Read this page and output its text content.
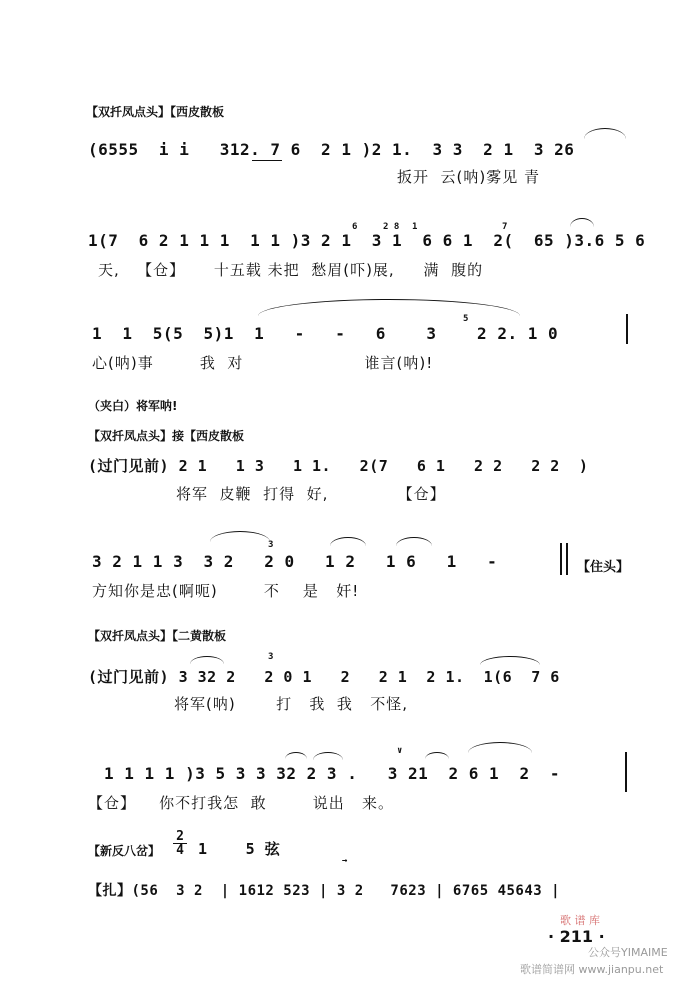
【双扦凤点头】【西皮散板
(6555  i i   312. 7 6  2 1 )2 1.  3 3  2 1  3 26
扳开  云(呐)雾见 青
6	2 8 1	7
1(7  6 2 1 1 1  1 1 )3 2 1  3 1  6 6 1  2(  65 )3.6 5 6
天,   【仓】     十五载 未把  愁眉(吓)展,     满  腹的
5
1  1  5(5  5)1  1   -   -   6    3    2 2. 1 0
心(呐)事        我  对                     谁言(呐)!
（夹白）将军呐!
【双扦凤点头】接【西皮散板
(过门见前) 2 1   1 3   1 1.   2(7   6 1   2 2   2 2  )
将军  皮鞭  打得  好,            【仓】
3
3 2 1 1 3  3 2   2 0   1 2   1 6   1   -	【住头】
方知你是忠(啊呃)        不    是   奸!
【双扦凤点头】【二黄散板
3
(过门见前) 3 32 2   2 0 1   2   2 1  2 1.  1(6  7 6
将军(呐)       打   我  我   不怪,
∨
1 1 1 1 )3 5 3 3 32 2 3 .   3 21  2 6 1  2  -
【仓】    你不打我怎  敢        说出   来。
【新反八岔】
2
4 1    5 弦
【扎】(56  3 2  | 1612 523 | 3 2   7623 | 6765 45643 |
→
歌 谱 库
· 211 ·
公众号YIMAIME
歌谱简谱网 www.jianpu.net
